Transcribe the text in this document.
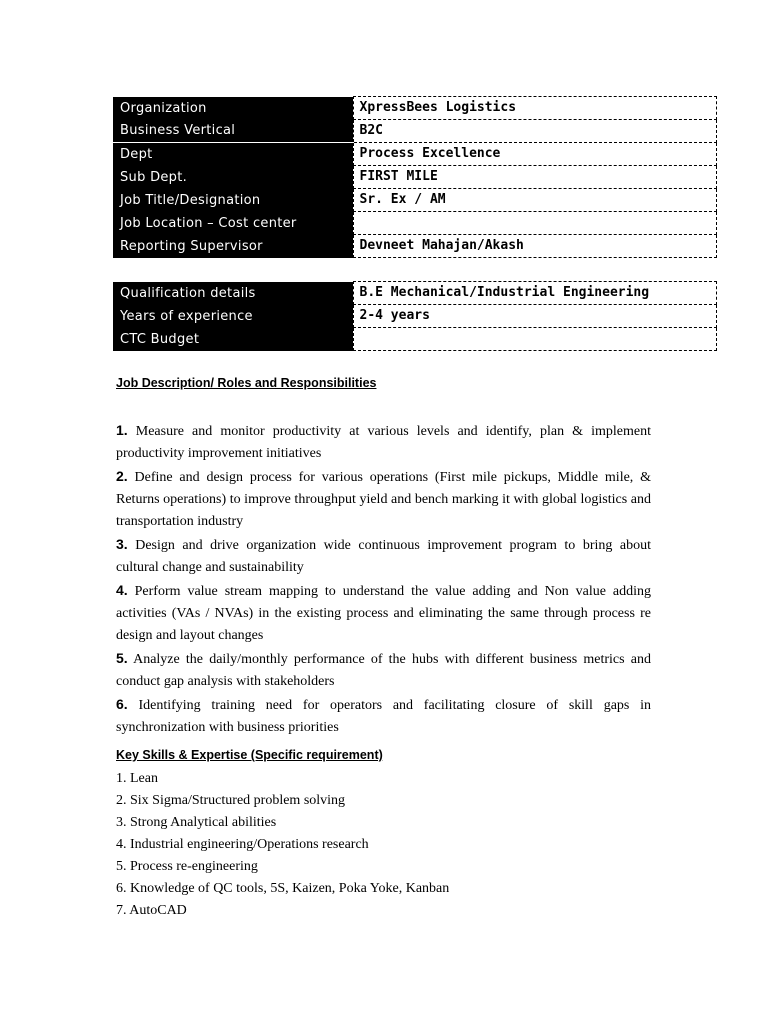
Organization	XpressBees Logistics
Business Vertical	B2C
Dept	Process Excellence
Sub Dept.	FIRST MILE
Job Title/Designation	Sr. Ex / AM
Job Location – Cost center	
Reporting Supervisor	Devneet Mahajan/Akash
Qualification details	B.E Mechanical/Industrial Engineering
Years of experience	2-4 years
CTC Budget	
Job Description/ Roles and Responsibilities

1. Measure and monitor productivity at various levels and identify, plan & implement productivity improvement initiatives

2. Define and design process for various operations (First mile pickups, Middle mile, & Returns operations) to improve throughput yield and bench marking it with global logistics and transportation industry

3. Design and drive organization wide continuous improvement program to bring about cultural change and sustainability

4. Perform value stream mapping to understand the value adding and Non value adding activities (VAs / NVAs) in the existing process and eliminating the same through process re design and layout changes

5. Analyze the daily/monthly performance of the hubs with different business metrics and conduct gap analysis with stakeholders

6. Identifying training need for operators and facilitating closure of skill gaps in synchronization with business priorities

Key Skills & Expertise (Specific requirement)
1. Lean
2. Six Sigma/Structured problem solving
3. Strong Analytical abilities
4. Industrial engineering/Operations research
5. Process re-engineering
6. Knowledge of QC tools, 5S, Kaizen, Poka Yoke, Kanban
7. AutoCAD
